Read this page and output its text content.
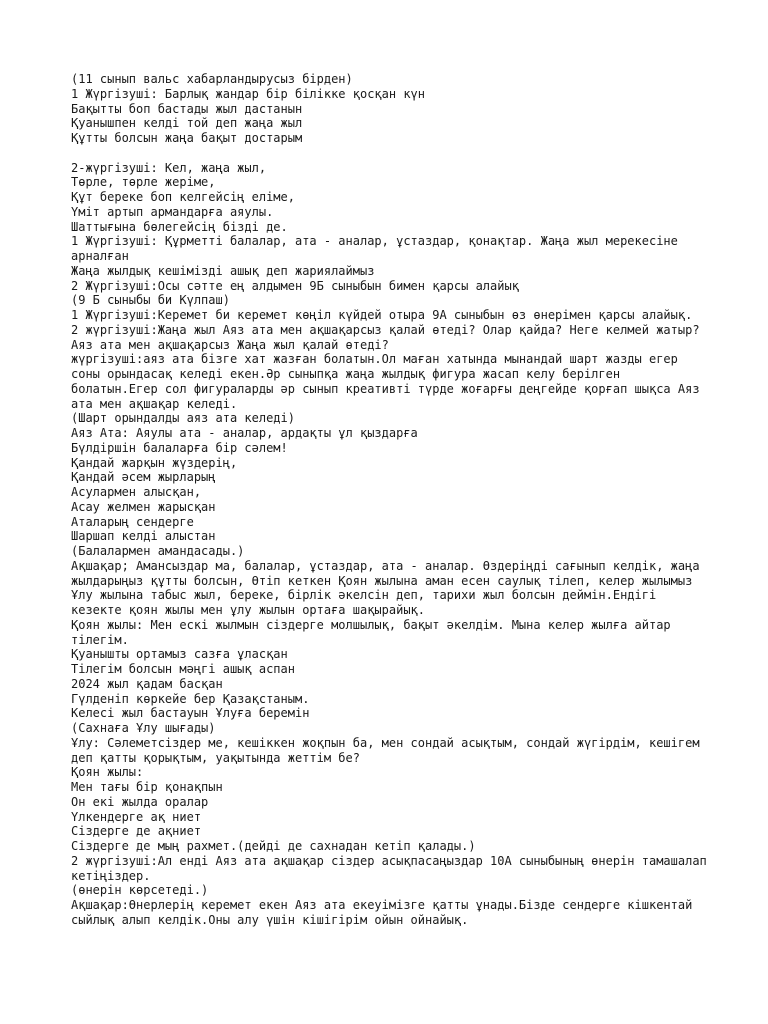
(11 сынып вальс хабарландырусыз бірден)
1 Жүргізуші: Барлық жандар бір білікке қосқан күн
Бақытты боп бастады жыл дастанын
Қуанышпен келді той деп жаңа жыл
Құтты болсын жаңа бақыт достарым
2-жүргізуші: Кел, жаңа жыл,
Төрле, төрле жеріме,
Құт береке боп келгейсің еліме,
Үміт артып армандарға аяулы.
Шаттығына бөлегейсің бізді де.
1 Жүргізуші: Құрметті балалар, ата - аналар, ұстаздар, қонақтар. Жаңа жыл мерекесіне арналған
Жаңа жылдық кешімізді ашық деп жариялаймыз
2 Жүргізуші:Осы сәтте ең алдымен 9Б сыныбын бимен қарсы алайық
(9 Б сыныбы би Күлпаш)
1 Жүргізуші:Керемет би керемет көңіл күйдей отыра 9А сыныбын өз өнерімен қарсы алайық.
2 жүргізуші:Жаңа жыл Аяз ата мен ақшақарсыз қалай өтеді? Олар қайда? Неге келмей жатыр? Аяз ата мен ақшақарсыз Жаңа жыл қалай өтеді?
жүргізуші:аяз ата бізге хат жазған болатын.Ол маған хатында мынандай шарт жазды егер соны орындасақ келеді екен.Әр сыныпқа жаңа жылдық фигура жасап келу берілген болатын.Егер сол фигураларды әр сынып креативті түрде жоғарғы деңгейде қорғап шықса Аяз ата мен ақшақар келеді.
(Шарт орындалды аяз ата келеді)
Аяз Ата: Аяулы ата - аналар, ардақты ұл қыздарға
Бүлдіршін балаларға бір сәлем!
Қандай жарқын жүздерің,
Қандай әсем жырларың
Асулармен алысқан,
Асау желмен жарысқан
Аталарың сендерге
Шаршап келді алыстан
(Балалармен амандасады.)
Ақшақар; Амансыздар ма, балалар, ұстаздар, ата - аналар. Өздеріңді сағынып келдік, жаңа жылдарыңыз құтты болсын, Өтіп кеткен Қоян жылына аман есен саулық тілеп, келер жылымыз Ұлу жылына табыс жыл, береке, бірлік әкелсін деп, тарихи жыл болсын деймін.Ендігі кезекте қоян жылы мен ұлу жылын ортаға шақырайық.
Қоян жылы: Мен ескі жылмын сіздерге молшылық, бақыт әкелдім. Мына келер жылға айтар тілегім.
Қуанышты ортамыз сазға ұласқан
Тілегім болсын мәңгі ашық аспан
2024 жыл қадам басқан
Гүлденіп көркейе бер Қазақстаным.
Келесі жыл бастауын Ұлуға беремін
(Сахнаға Ұлу шығады)
Ұлу: Сәлеметсіздер ме, кешіккен жоқпын ба, мен сондай асықтым, сондай жүгірдім, кешігем деп қатты қорықтым, уақытында жеттім бе?
Қоян жылы:
Мен тағы бір қонақпын
Он екі жылда оралар
Үлкендерге ақ ниет
Сіздерге де ақниет
Сіздерге де мың рахмет.(дейді де сахнадан кетіп қалады.)
2 жүргізуші:Ал енді Аяз ата ақшақар сіздер асықпасаңыздар 10А сыныбының өнерін тамашалап кетіңіздер.
(өнерін көрсетеді.)
Ақшақар:Өнерлерің керемет екен Аяз ата екеуімізге қатты ұнады.Бізде сендерге кішкентай сыйлық алып келдік.Оны алу үшін кішігірім ойын ойнайық.
